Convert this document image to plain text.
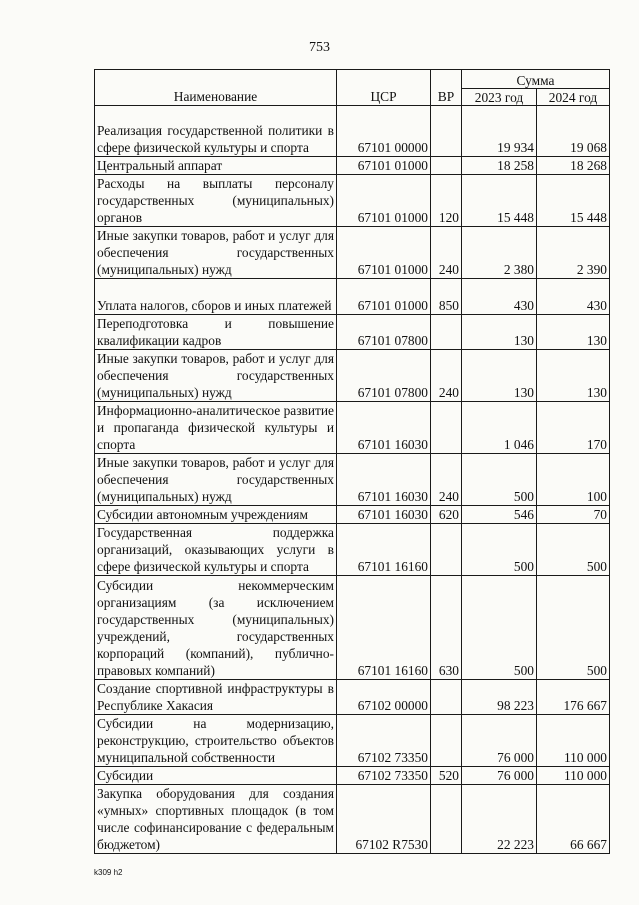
753
Наименование	ЦСР	ВР	Сумма	
			2023 год	2024 год
Реализация государственной политики в сфере физической культуры и спорта	67101 00000		19 934	19 068
Центральный аппарат	67101 01000		18 258	18 268
Расходы на выплаты персоналу государственных (муниципальных) органов	67101 01000	120	15 448	15 448
Иные закупки товаров, работ и услуг для обеспечения государственных (муниципальных) нужд	67101 01000	240	2 380	2 390
Уплата налогов, сборов и иных платежей	67101 01000	850	430	430
Переподготовка и повышение квалификации кадров	67101 07800		130	130
Иные закупки товаров, работ и услуг для обеспечения государственных (муниципальных) нужд	67101 07800	240	130	130
Информационно-аналитическое развитие и пропаганда физической культуры и спорта	67101 16030		1 046	170
Иные закупки товаров, работ и услуг для обеспечения государственных (муниципальных) нужд	67101 16030	240	500	100
Субсидии автономным учреждениям	67101 16030	620	546	70
Государственная поддержка организаций, оказывающих услуги в сфере физической культуры и спорта	67101 16160		500	500
Субсидии некоммерческим организациям (за исключением государственных (муниципальных) учреждений, государственных корпораций (компаний), публично-правовых компаний)	67101 16160	630	500	500
Создание спортивной инфраструктуры в Республике Хакасия	67102 00000		98 223	176 667
Субсидии на модернизацию, реконструкцию, строительство объектов муниципальной собственности	67102 73350		76 000	110 000
Субсидии	67102 73350	520	76 000	110 000
Закупка оборудования для создания «умных» спортивных площадок (в том числе софинансирование с федеральным бюджетом)	67102 R7530		22 223	66 667
k309 h2
